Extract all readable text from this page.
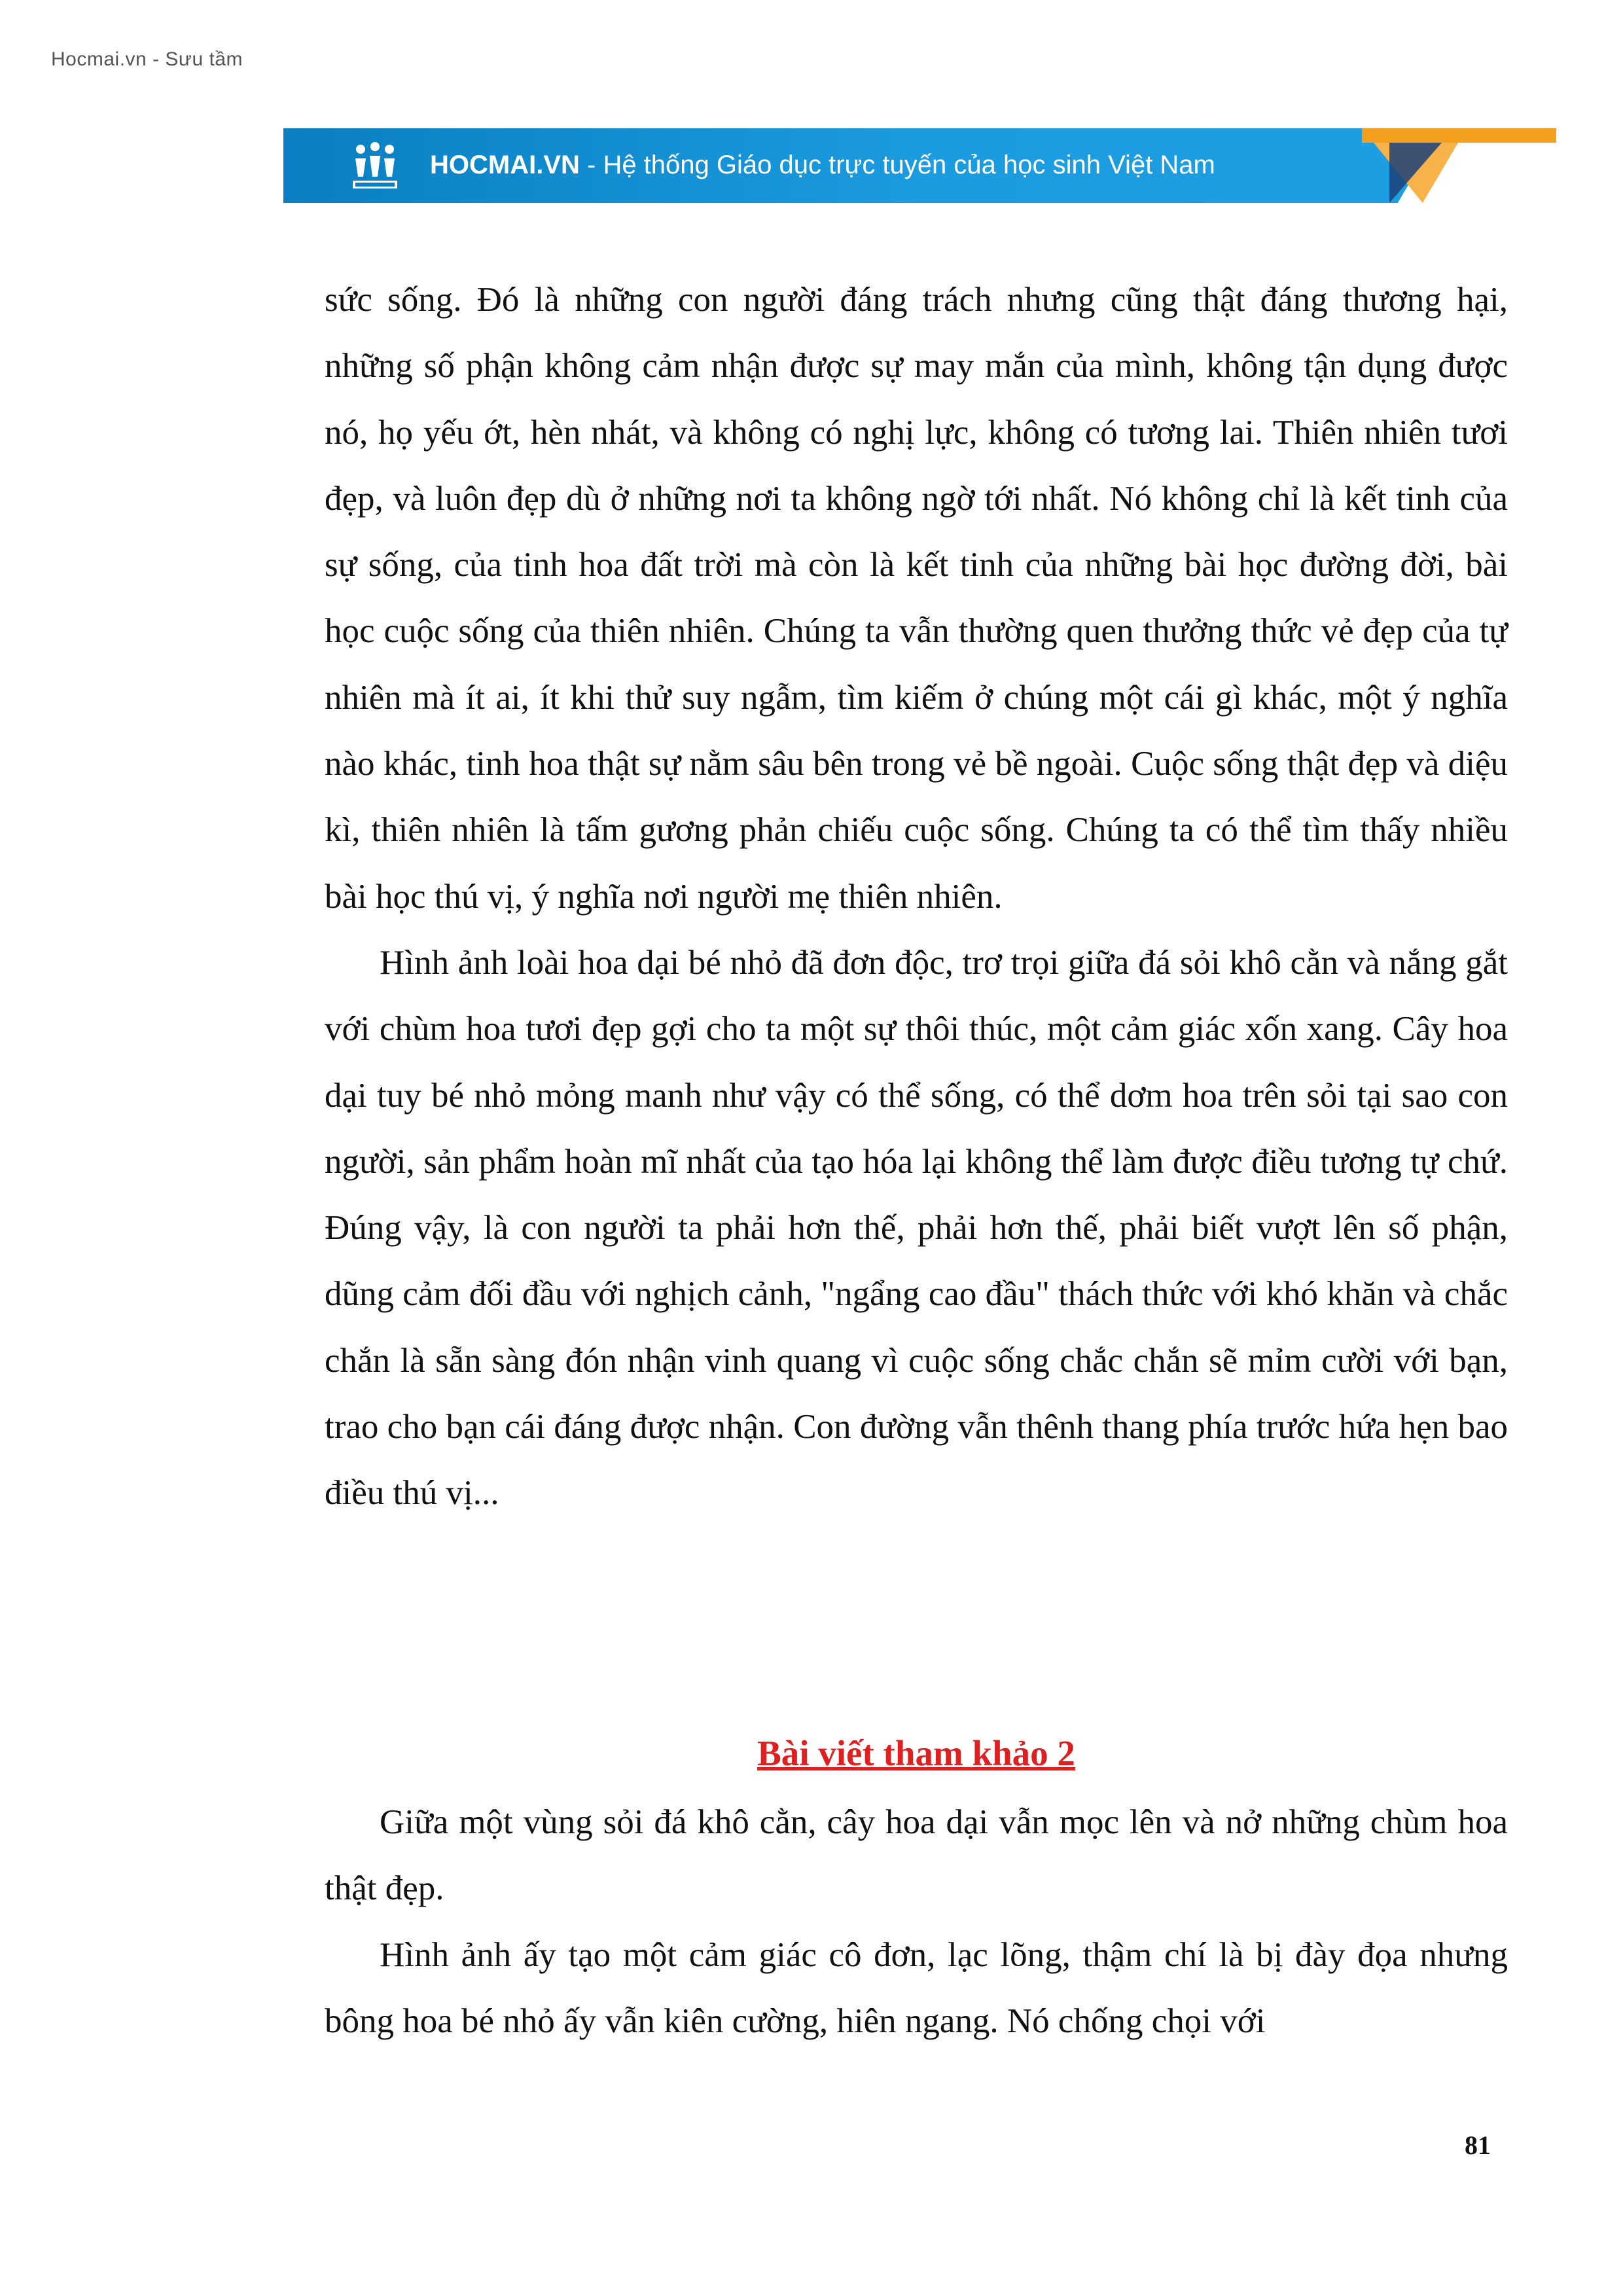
Hocmai.vn - Sưu tầm
HOCMAI.VN - Hệ thống Giáo dục trực tuyến của học sinh Việt Nam

sức sống. Đó là những con người đáng trách nhưng cũng thật đáng thương hại, những số phận không cảm nhận được sự may mắn của mình, không tận dụng được nó, họ yếu ớt, hèn nhát, và không có nghị lực, không có tương lai. Thiên nhiên tươi đẹp, và luôn đẹp dù ở những nơi ta không ngờ tới nhất. Nó không chỉ là kết tinh của sự sống, của tinh hoa đất trời mà còn là kết tinh của những bài học đường đời, bài học cuộc sống của thiên nhiên. Chúng ta vẫn thường quen thưởng thức vẻ đẹp của tự nhiên mà ít ai, ít khi thử suy ngẫm, tìm kiếm ở chúng một cái gì khác, một ý nghĩa nào khác, tinh hoa thật sự nằm sâu bên trong vẻ bề ngoài. Cuộc sống thật đẹp và diệu kì, thiên nhiên là tấm gương phản chiếu cuộc sống. Chúng ta có thể tìm thấy nhiều bài học thú vị, ý nghĩa nơi người mẹ thiên nhiên.

Hình ảnh loài hoa dại bé nhỏ đã đơn độc, trơ trọi giữa đá sỏi khô cằn và nắng gắt với chùm hoa tươi đẹp gợi cho ta một sự thôi thúc, một cảm giác xốn xang. Cây hoa dại tuy bé nhỏ mỏng manh như vậy có thể sống, có thể dơm hoa trên sỏi tại sao con người, sản phẩm hoàn mĩ nhất của tạo hóa lại không thể làm được điều tương tự chứ. Đúng vậy, là con người ta phải hơn thế, phải hơn thế, phải biết vượt lên số phận, dũng cảm đối đầu với nghịch cảnh, "ngẩng cao đầu" thách thức với khó khăn và chắc chắn là sẵn sàng đón nhận vinh quang vì cuộc sống chắc chắn sẽ mỉm cười với bạn, trao cho bạn cái đáng được nhận. Con đường vẫn thênh thang phía trước hứa hẹn bao điều thú vị...

Bài viết tham khảo 2

Giữa một vùng sỏi đá khô cằn, cây hoa dại vẫn mọc lên và nở những chùm hoa thật đẹp.

Hình ảnh ấy tạo một cảm giác cô đơn, lạc lõng, thậm chí là bị đày đọa nhưng bông hoa bé nhỏ ấy vẫn kiên cường, hiên ngang. Nó chống chọi với

81
